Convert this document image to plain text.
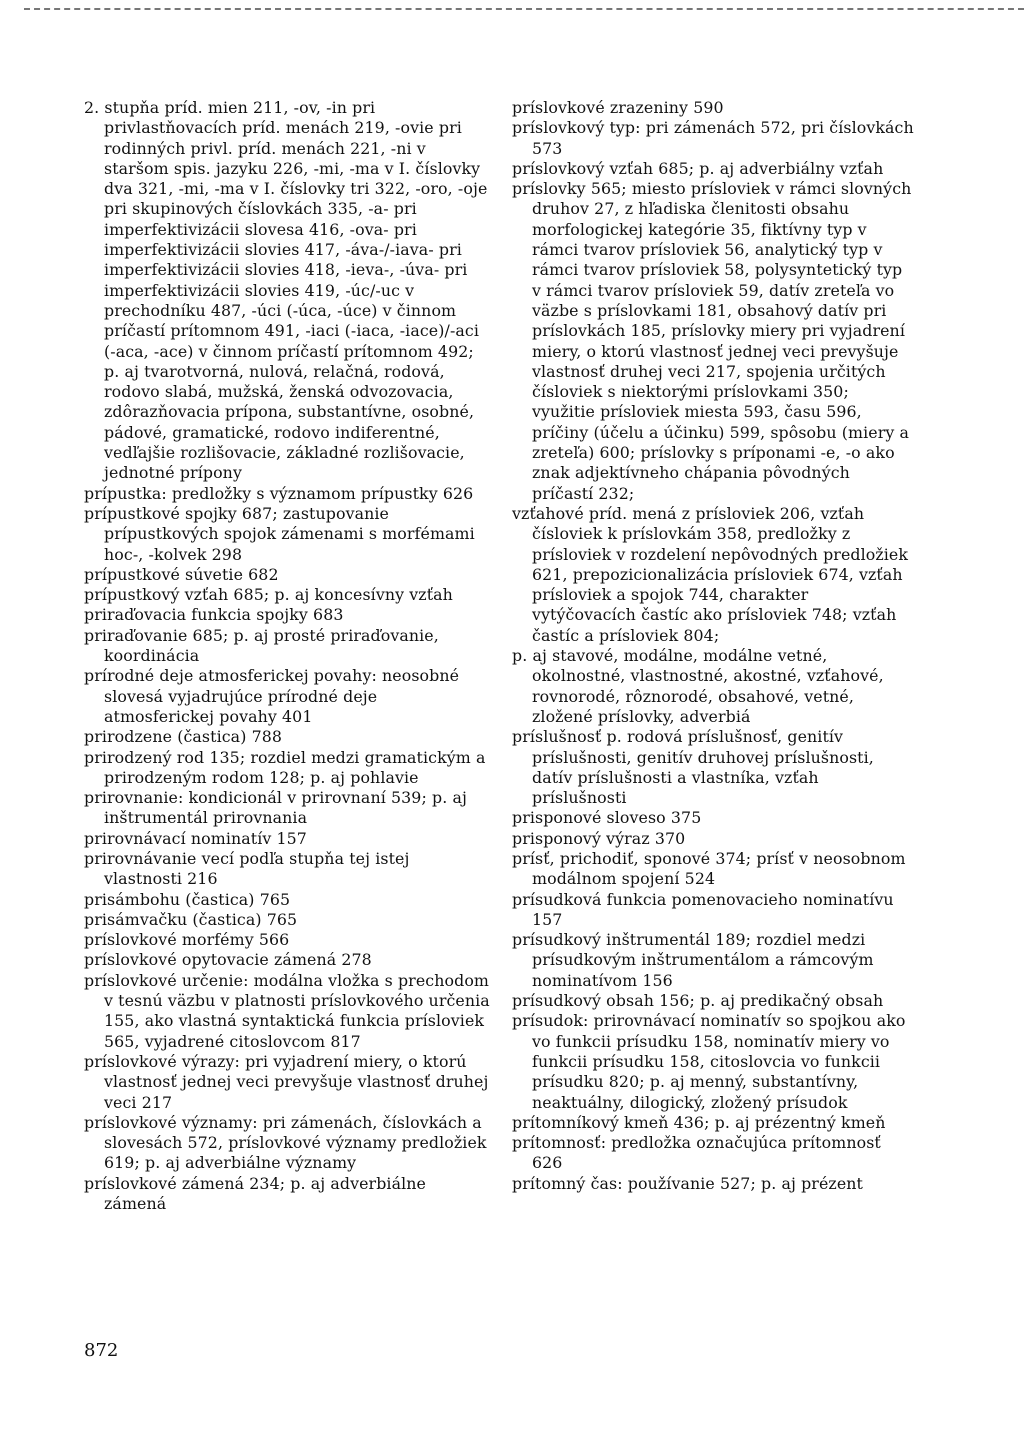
2. stupňa príd. mien 211, -ov, -in pri privlastňovacích príd. menách 219, -ovie pri rodinných privl. príd. menách 221, -ni v staršom spis. jazyku 226, -mi, -ma v I. číslovky dva 321, -mi, -ma v I. číslovky tri 322, -oro, -oje pri skupinových číslovkách 335, -a- pri imperfektivizácii slovesa 416, -ova- pri imperfektivizácii slovies 417, -áva-/-iava- pri imperfektivizácii slovies 418, -ieva-, -úva- pri imperfektivizácii slovies 419, -úc/-uc v prechodníku 487, -úci (-úca, -úce) v činnom príčastí prítomnom 491, -iaci (-iaca, -iace)/-aci (-aca, -ace) v činnom príčastí prítomnom 492; p. aj tvarotvorná, nulová, relačná, rodová, rodovo slabá, mužská, ženská odvozovacia, zdôrazňovacia prípona, substantívne, osobné, pádové, gramatické, rodovo indiferentné, vedľajšie rozlišovacie, základné rozlišovacie, jednotné prípony

prípustka: predložky s významom prípustky 626

prípustkové spojky 687; zastupovanie prípustkových spojok zámenami s morfémami hoc-, -kolvek 298

prípustkové súvetie 682

prípustkový vzťah 685; p. aj koncesívny vzťah

priraďovacia funkcia spojky 683

priraďovanie 685; p. aj prosté priraďovanie, koordinácia

prírodné deje atmosferickej povahy: neosobné slovesá vyjadrujúce prírodné deje atmosferickej povahy 401

prirodzene (častica) 788

prirodzený rod 135; rozdiel medzi gramatickým a prirodzeným rodom 128; p. aj pohlavie

prirovnanie: kondicionál v prirovnaní 539; p. aj inštrumentál prirovnania

prirovnávací nominatív 157

prirovnávanie vecí podľa stupňa tej istej vlastnosti 216

prisámbohu (častica) 765

prisámvačku (častica) 765

príslovkové morfémy 566

príslovkové opytovacie zámená 278

príslovkové určenie: modálna vložka s prechodom v tesnú väzbu v platnosti príslovkového určenia 155, ako vlastná syntaktická funkcia prísloviek 565, vyjadrené citoslovcom 817

príslovkové výrazy: pri vyjadrení miery, o ktorú vlastnosť jednej veci prevyšuje vlastnosť druhej veci 217

príslovkové významy: pri zámenách, číslovkách a slovesách 572, príslovkové významy predložiek 619; p. aj adverbiálne významy

príslovkové zámená 234; p. aj adverbiálne zámená

príslovkové zrazeniny 590

príslovkový typ: pri zámenách 572, pri číslovkách 573

príslovkový vzťah 685; p. aj adverbiálny vzťah

príslovky 565; miesto prísloviek v rámci slovných druhov 27, z hľadiska členitosti obsahu morfologickej kategórie 35, fiktívny typ v rámci tvarov prísloviek 56, analytický typ v rámci tvarov prísloviek 58, polysyntetický typ v rámci tvarov prísloviek 59, datív zreteľa vo väzbe s príslovkami 181, obsahový datív pri príslovkách 185, príslovky miery pri vyjadrení miery, o ktorú vlastnosť jednej veci prevyšuje vlastnosť druhej veci 217, spojenia určitých čísloviek s niektorými príslovkami 350; využitie prísloviek miesta 593, času 596, príčiny (účelu a účinku) 599, spôsobu (miery a zreteľa) 600; príslovky s príponami -e, -o ako znak adjektívneho chápania pôvodných príčastí 232;

vzťahové príd. mená z prísloviek 206, vzťah čísloviek k príslovkám 358, predložky z prísloviek v rozdelení nepôvodných predložiek 621, prepozicionalizácia prísloviek 674, vzťah prísloviek a spojok 744, charakter vytýčovacích častíc ako prísloviek 748; vzťah častíc a prísloviek 804;

p. aj stavové, modálne, modálne vetné, okolnostné, vlastnostné, akostné, vzťahové, rovnorodé, rôznorodé, obsahové, vetné, zložené príslovky, adverbiá

príslušnosť p. rodová príslušnosť, genitív príslušnosti, genitív druhovej príslušnosti, datív príslušnosti a vlastníka, vzťah príslušnosti

prisponové sloveso 375

prisponový výraz 370

prísť, prichodiť, sponové 374; prísť v neosobnom modálnom spojení 524

prísudková funkcia pomenovacieho nominatívu 157

prísudkový inštrumentál 189; rozdiel medzi prísudkovým inštrumentálom a rámcovým nominatívom 156

prísudkový obsah 156; p. aj predikačný obsah

prísudok: prirovnávací nominatív so spojkou ako vo funkcii prísudku 158, nominatív miery vo funkcii prísudku 158, citoslovcia vo funkcii prísudku 820; p. aj menný, substantívny, neaktuálny, dilogický, zložený prísudok

prítomníkový kmeň 436; p. aj prézentný kmeň

prítomnosť: predložka označujúca prítomnosť 626

prítomný čas: používanie 527; p. aj prézent

872
